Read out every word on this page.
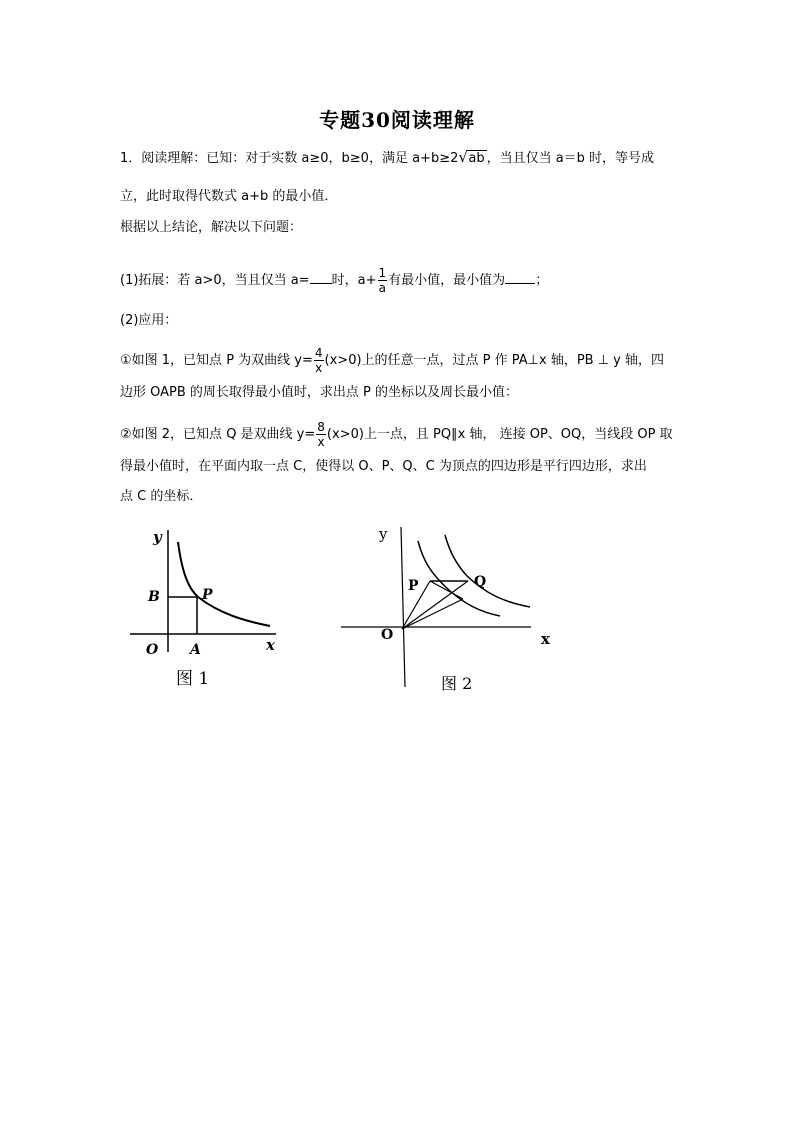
专题30阅读理解
1．阅读理解：已知：对于实数 a≥0，b≥0，满足 a+b≥2 √ ab ，当且仅当 a＝b 时，等号成
立，此时取得代数式 a+b 的最小值．
根据以上结论，解决以下问题：
(1)拓展：若 a>0，当且仅当 a= 时，$a+ \frac{1}{a}$ 有最小值，最小值为 ；
(2)应用：
①如图 1，已知点 P 为双曲线 $y= \frac{4}{x} (x>0)$上的任意一点，过点 P 作 PA⊥x 轴，PB ⊥ y 轴，四
边形 OAPB 的周长取得最小值时，求出点 P 的坐标以及周长最小值：
②如图 2，已知点 Q 是双曲线 $y= \frac{8}{x} (x>0)$上一点，且 PQ∥x 轴， 连接 OP、OQ，当线段 OP 取
得最小值时，在平面内取一点 C，使得以 O、P、Q、C 为顶点的四边形是平行四边形，求出
点 C 的坐标．
y
B	P
O A	x
图 1
y
P	Q
O	x
图 2
